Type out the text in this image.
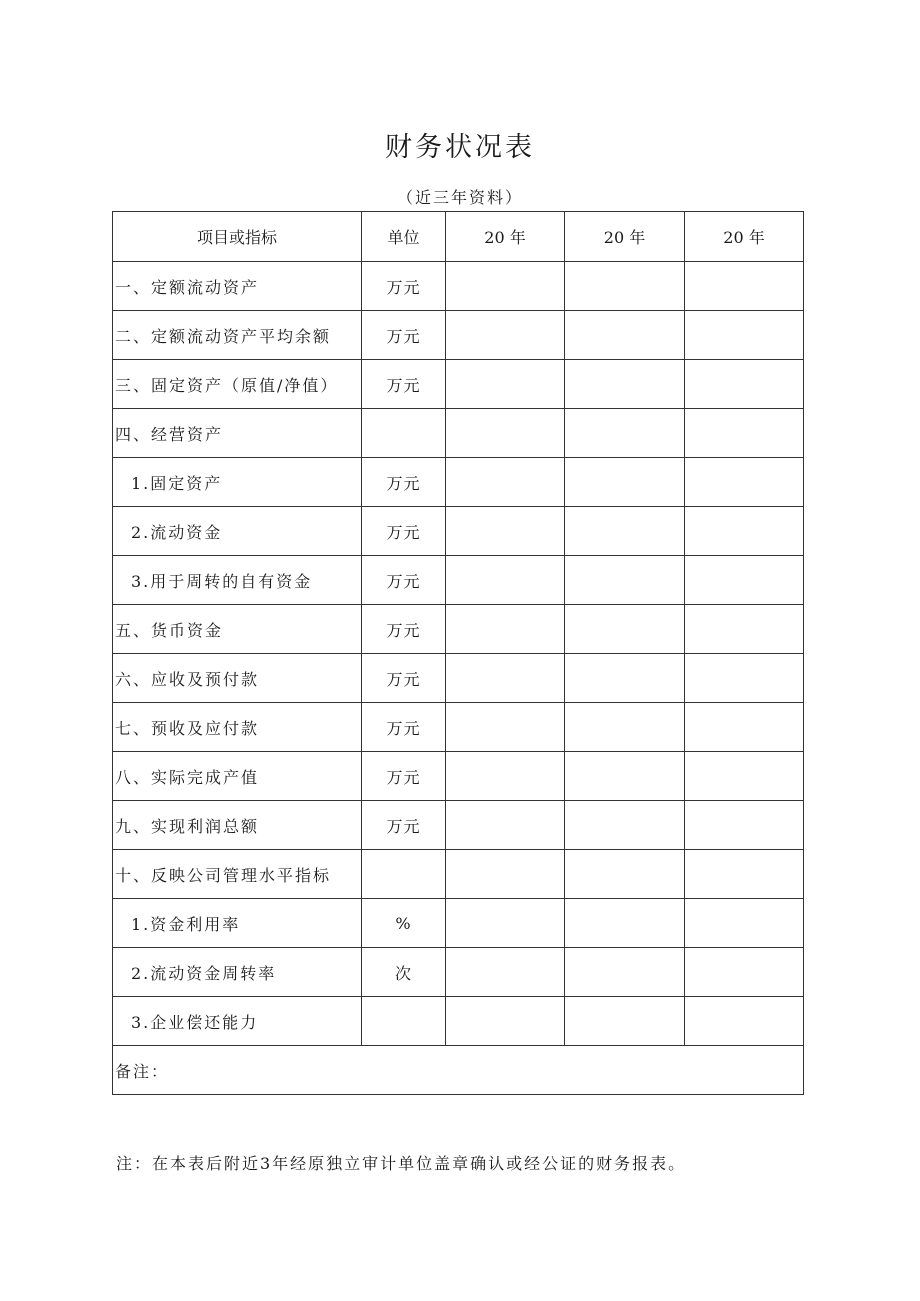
财务状况表
（近三年资料）
项目或指标	单位	20 年	20 年	20 年
一、定额流动资产	万元			
二、定额流动资产平均余额	万元			
三、固定资产（原值/净值）	万元			
四、经营资产				
1.固定资产	万元			
2.流动资金	万元			
3.用于周转的自有资金	万元			
五、货币资金	万元			
六、应收及预付款	万元			
七、预收及应付款	万元			
八、实际完成产值	万元			
九、实现利润总额	万元			
十、反映公司管理水平指标				
1.资金利用率	%			
2.流动资金周转率	次			
3.企业偿还能力				
备注：				
注：在本表后附近3年经原独立审计单位盖章确认或经公证的财务报表。
